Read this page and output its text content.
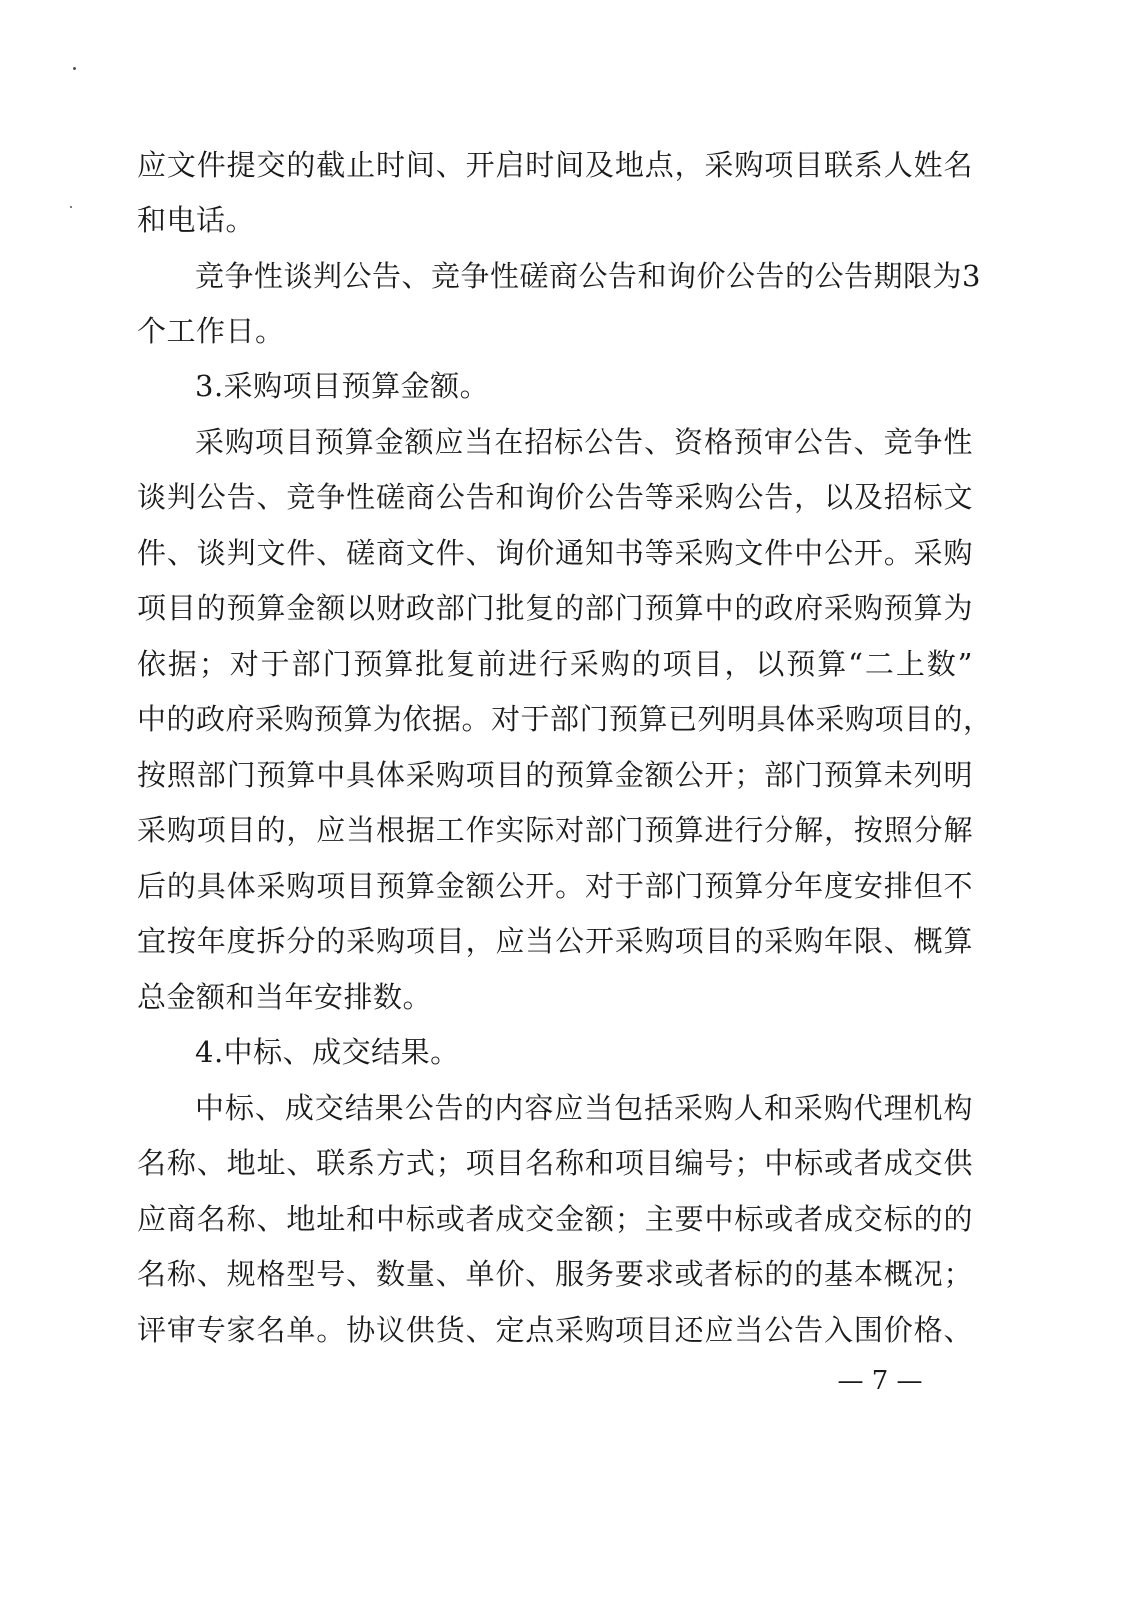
应文件提交的截止时间、开启时间及地点，采购项目联系人姓名
和电话。
竞争性谈判公告、竞争性磋商公告和询价公告的公告期限为3
个工作日。
3.采购项目预算金额。
采购项目预算金额应当在招标公告、资格预审公告、竞争性
谈判公告、竞争性磋商公告和询价公告等采购公告，以及招标文
件、谈判文件、磋商文件、询价通知书等采购文件中公开。采购
项目的预算金额以财政部门批复的部门预算中的政府采购预算为
依据；对于部门预算批复前进行采购的项目，以预算“二上数”
中的政府采购预算为依据。对于部门预算已列明具体采购项目的，
按照部门预算中具体采购项目的预算金额公开；部门预算未列明
采购项目的，应当根据工作实际对部门预算进行分解，按照分解
后的具体采购项目预算金额公开。对于部门预算分年度安排但不
宜按年度拆分的采购项目，应当公开采购项目的采购年限、概算
总金额和当年安排数。
4.中标、成交结果。
中标、成交结果公告的内容应当包括采购人和采购代理机构
名称、地址、联系方式；项目名称和项目编号；中标或者成交供
应商名称、地址和中标或者成交金额；主要中标或者成交标的的
名称、规格型号、数量、单价、服务要求或者标的的基本概况；
评审专家名单。协议供货、定点采购项目还应当公告入围价格、
— 7 —
